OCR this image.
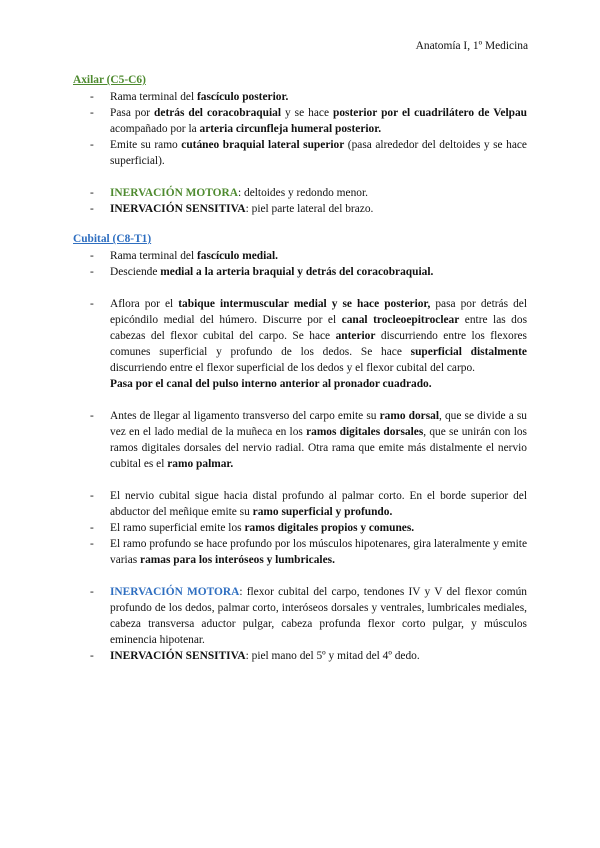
Anatomía I, 1º Medicina
Axilar (C5-C6)
- Rama terminal del fascículo posterior.
- Pasa por detrás del coracobraquial y se hace posterior por el cuadrilátero de Velpau acompañado por la arteria circunfleja humeral posterior.
- Emite su ramo cutáneo braquial lateral superior (pasa alrededor del deltoides y se hace superficial).
- INERVACIÓN MOTORA: deltoides y redondo menor.
- INERVACIÓN SENSITIVA: piel parte lateral del brazo.
Cubital (C8-T1)
- Rama terminal del fascículo medial.
- Desciende medial a la arteria braquial y detrás del coracobraquial.
- Aflora por el tabique intermuscular medial y se hace posterior, pasa por detrás del epicóndilo medial del húmero. Discurre por el canal trocleoepitroclear entre las dos cabezas del flexor cubital del carpo. Se hace anterior discurriendo entre los flexores comunes superficial y profundo de los dedos. Se hace superficial distalmente discurriendo entre el flexor superficial de los dedos y el flexor cubital del carpo.
Pasa por el canal del pulso interno anterior al pronador cuadrado.
- Antes de llegar al ligamento transverso del carpo emite su ramo dorsal, que se divide a su vez en el lado medial de la muñeca en los ramos digitales dorsales, que se unirán con los ramos digitales dorsales del nervio radial. Otra rama que emite más distalmente el nervio cubital es el ramo palmar.
- El nervio cubital sigue hacia distal profundo al palmar corto. En el borde superior del abductor del meñique emite su ramo superficial y profundo.
- El ramo superficial emite los ramos digitales propios y comunes.
- El ramo profundo se hace profundo por los músculos hipotenares, gira lateralmente y emite varias ramas para los interóseos y lumbricales.
- INERVACIÓN MOTORA: flexor cubital del carpo, tendones IV y V del flexor común profundo de los dedos, palmar corto, interóseos dorsales y ventrales, lumbricales mediales, cabeza transversa aductor pulgar, cabeza profunda flexor corto pulgar, y músculos eminencia hipotenar.
- INERVACIÓN SENSITIVA: piel mano del 5º y mitad del 4º dedo.
